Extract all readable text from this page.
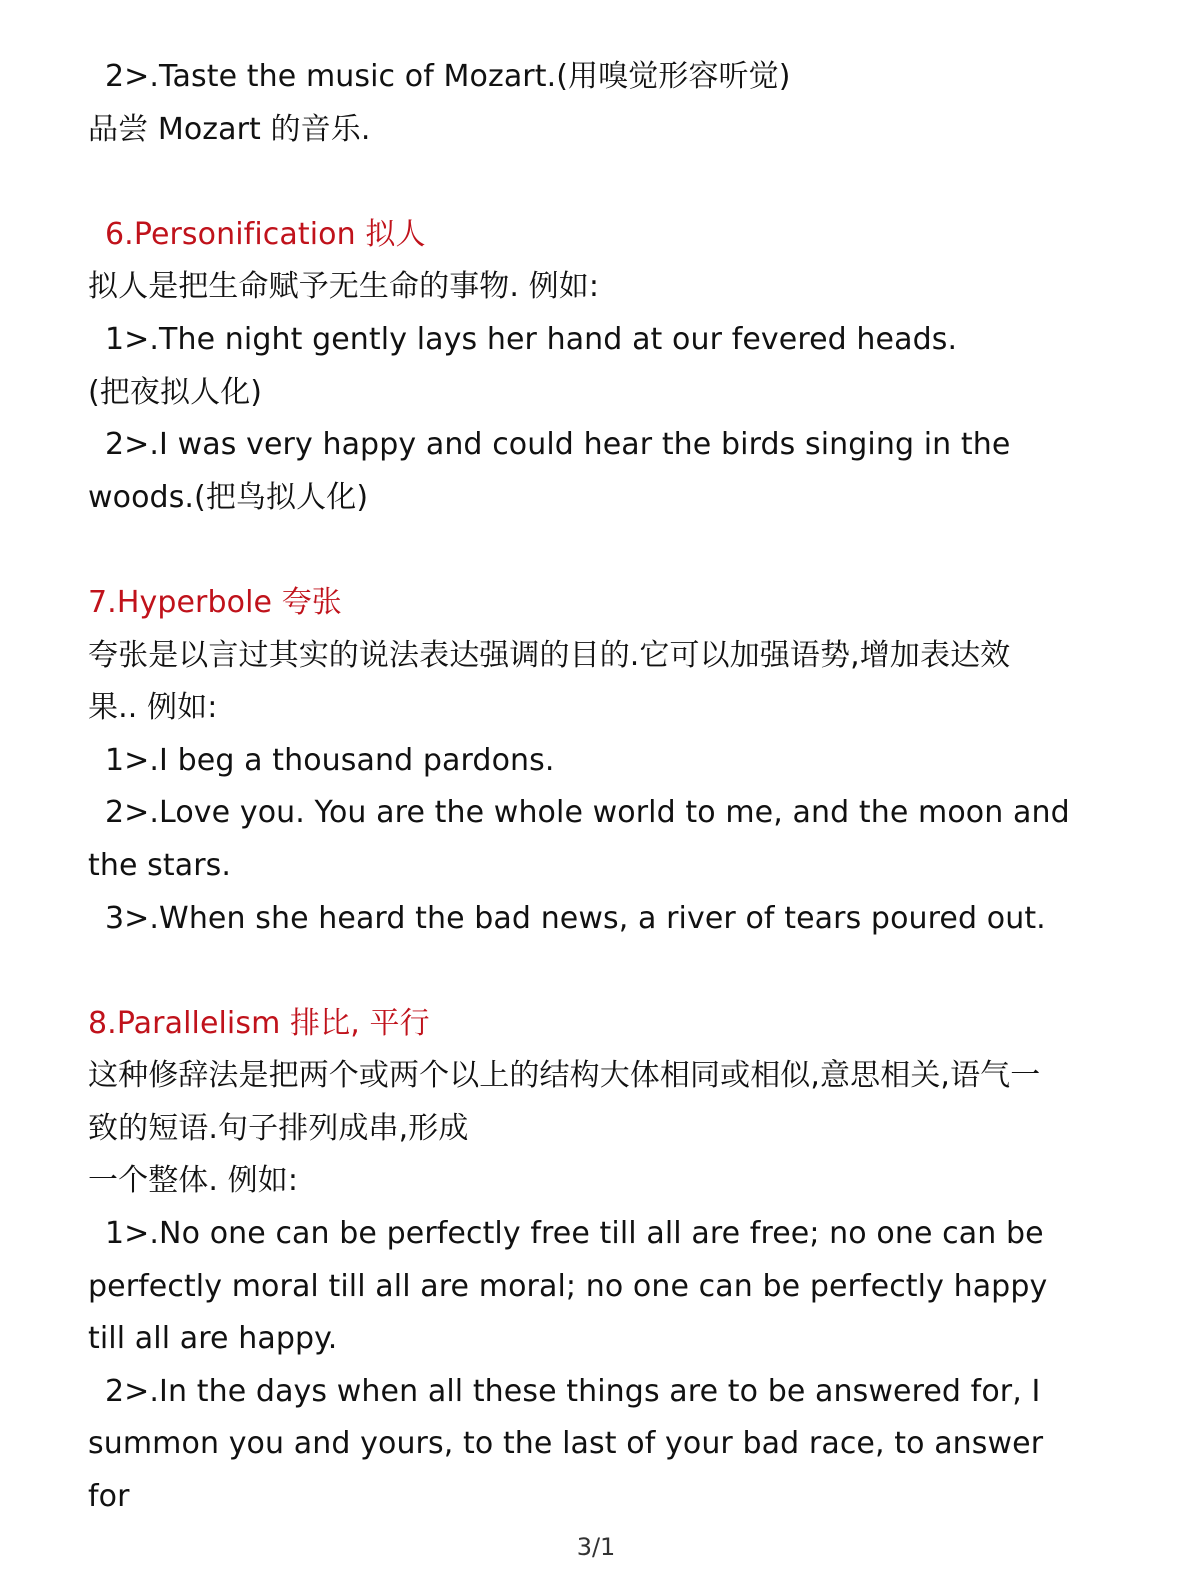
2>.Taste the music of Mozart.(用嗅觉形容听觉)
品尝 Mozart 的音乐.
6.Personification 拟人
拟人是把生命赋予无生命的事物. 例如:
1>.The night gently lays her hand at our fevered heads.
(把夜拟人化)
2>.I was very happy and could hear the birds singing in the
woods.(把鸟拟人化)
7.Hyperbole 夸张
夸张是以言过其实的说法表达强调的目的.它可以加强语势,增加表达效
果.. 例如:
1>.I beg a thousand pardons.
2>.Love you. You are the whole world to me, and the moon and
the stars.
3>.When she heard the bad news, a river of tears poured out.
8.Parallelism 排比, 平行
这种修辞法是把两个或两个以上的结构大体相同或相似,意思相关,语气一
致的短语.句子排列成串,形成
一个整体. 例如:
1>.No one can be perfectly free till all are free; no one can be
perfectly moral till all are moral; no one can be perfectly happy
till all are happy.
2>.In the days when all these things are to be answered for, I
summon you and yours, to the last of your bad race, to answer
for
3/1
